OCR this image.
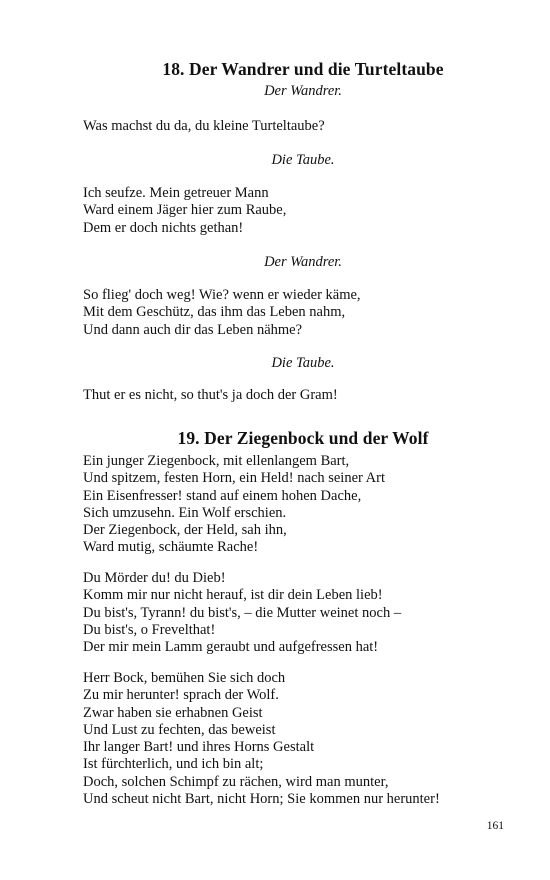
18. Der Wandrer und die Turteltaube

Der Wandrer.

Was machst du da, du kleine Turteltaube?

Die Taube.

Ich seufze. Mein getreuer Mann
Ward einem Jäger hier zum Raube,
Dem er doch nichts gethan!

Der Wandrer.

So flieg' doch weg! Wie? wenn er wieder käme,
Mit dem Geschütz, das ihm das Leben nahm,
Und dann auch dir das Leben nähme?

Die Taube.

Thut er es nicht, so thut's ja doch der Gram!

19. Der Ziegenbock und der Wolf

Ein junger Ziegenbock, mit ellenlangem Bart,
Und spitzem, festen Horn, ein Held! nach seiner Art
Ein Eisenfresser! stand auf einem hohen Dache,
Sich umzusehn. Ein Wolf erschien.
Der Ziegenbock, der Held, sah ihn,
Ward mutig, schäumte Rache!

Du Mörder du! du Dieb!
Komm mir nur nicht herauf, ist dir dein Leben lieb!
Du bist's, Tyrann! du bist's, – die Mutter weinet noch –
Du bist's, o Frevelthat!
Der mir mein Lamm geraubt und aufgefressen hat!

Herr Bock, bemühen Sie sich doch
Zu mir herunter! sprach der Wolf.
Zwar haben sie erhabnen Geist
Und Lust zu fechten, das beweist
Ihr langer Bart! und ihres Horns Gestalt
Ist fürchterlich, und ich bin alt;
Doch, solchen Schimpf zu rächen, wird man munter,
Und scheut nicht Bart, nicht Horn; Sie kommen nur herunter!

161
